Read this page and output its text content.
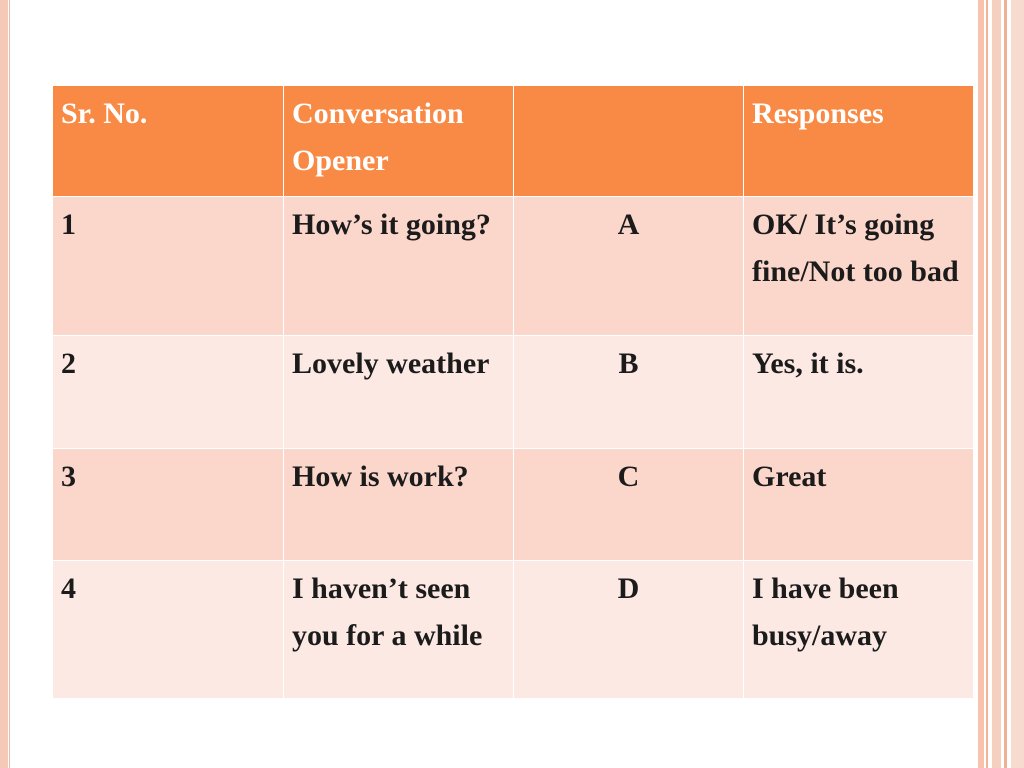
Sr. No.	Conversation Opener		Responses
1	How’s it going?	A	OK/ It’s going fine/Not too bad
2	Lovely weather	B	Yes, it is.
3	How is work?	C	Great
4	I haven’t seen you for a while	D	I have been busy/away
